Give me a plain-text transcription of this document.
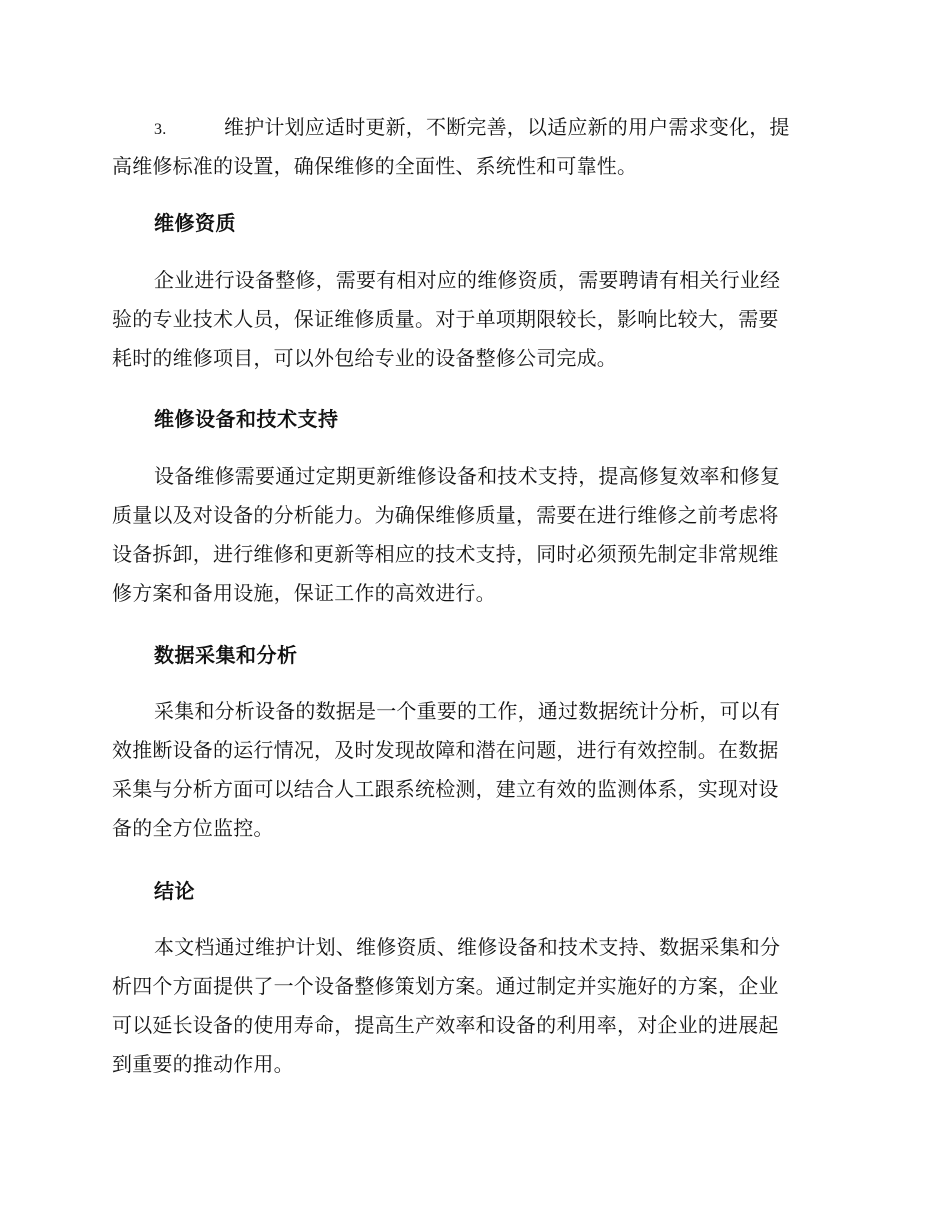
3.	维护计划应适时更新，不断完善，以适应新的用户需求变化，提
高维修标准的设置，确保维修的全面性、系统性和可靠性。
维修资质
企业进行设备整修，需要有相对应的维修资质，需要聘请有相关行业经
验的专业技术人员，保证维修质量。对于单项期限较长，影响比较大，需要
耗时的维修项目，可以外包给专业的设备整修公司完成。
维修设备和技术支持
设备维修需要通过定期更新维修设备和技术支持，提高修复效率和修复
质量以及对设备的分析能力。为确保维修质量，需要在进行维修之前考虑将
设备拆卸，进行维修和更新等相应的技术支持，同时必须预先制定非常规维
修方案和备用设施，保证工作的高效进行。
数据采集和分析
采集和分析设备的数据是一个重要的工作，通过数据统计分析，可以有
效推断设备的运行情况，及时发现故障和潜在问题，进行有效控制。在数据
采集与分析方面可以结合人工跟系统检测，建立有效的监测体系，实现对设
备的全方位监控。
结论
本文档通过维护计划、维修资质、维修设备和技术支持、数据采集和分
析四个方面提供了一个设备整修策划方案。通过制定并实施好的方案，企业
可以延长设备的使用寿命，提高生产效率和设备的利用率，对企业的进展起
到重要的推动作用。
